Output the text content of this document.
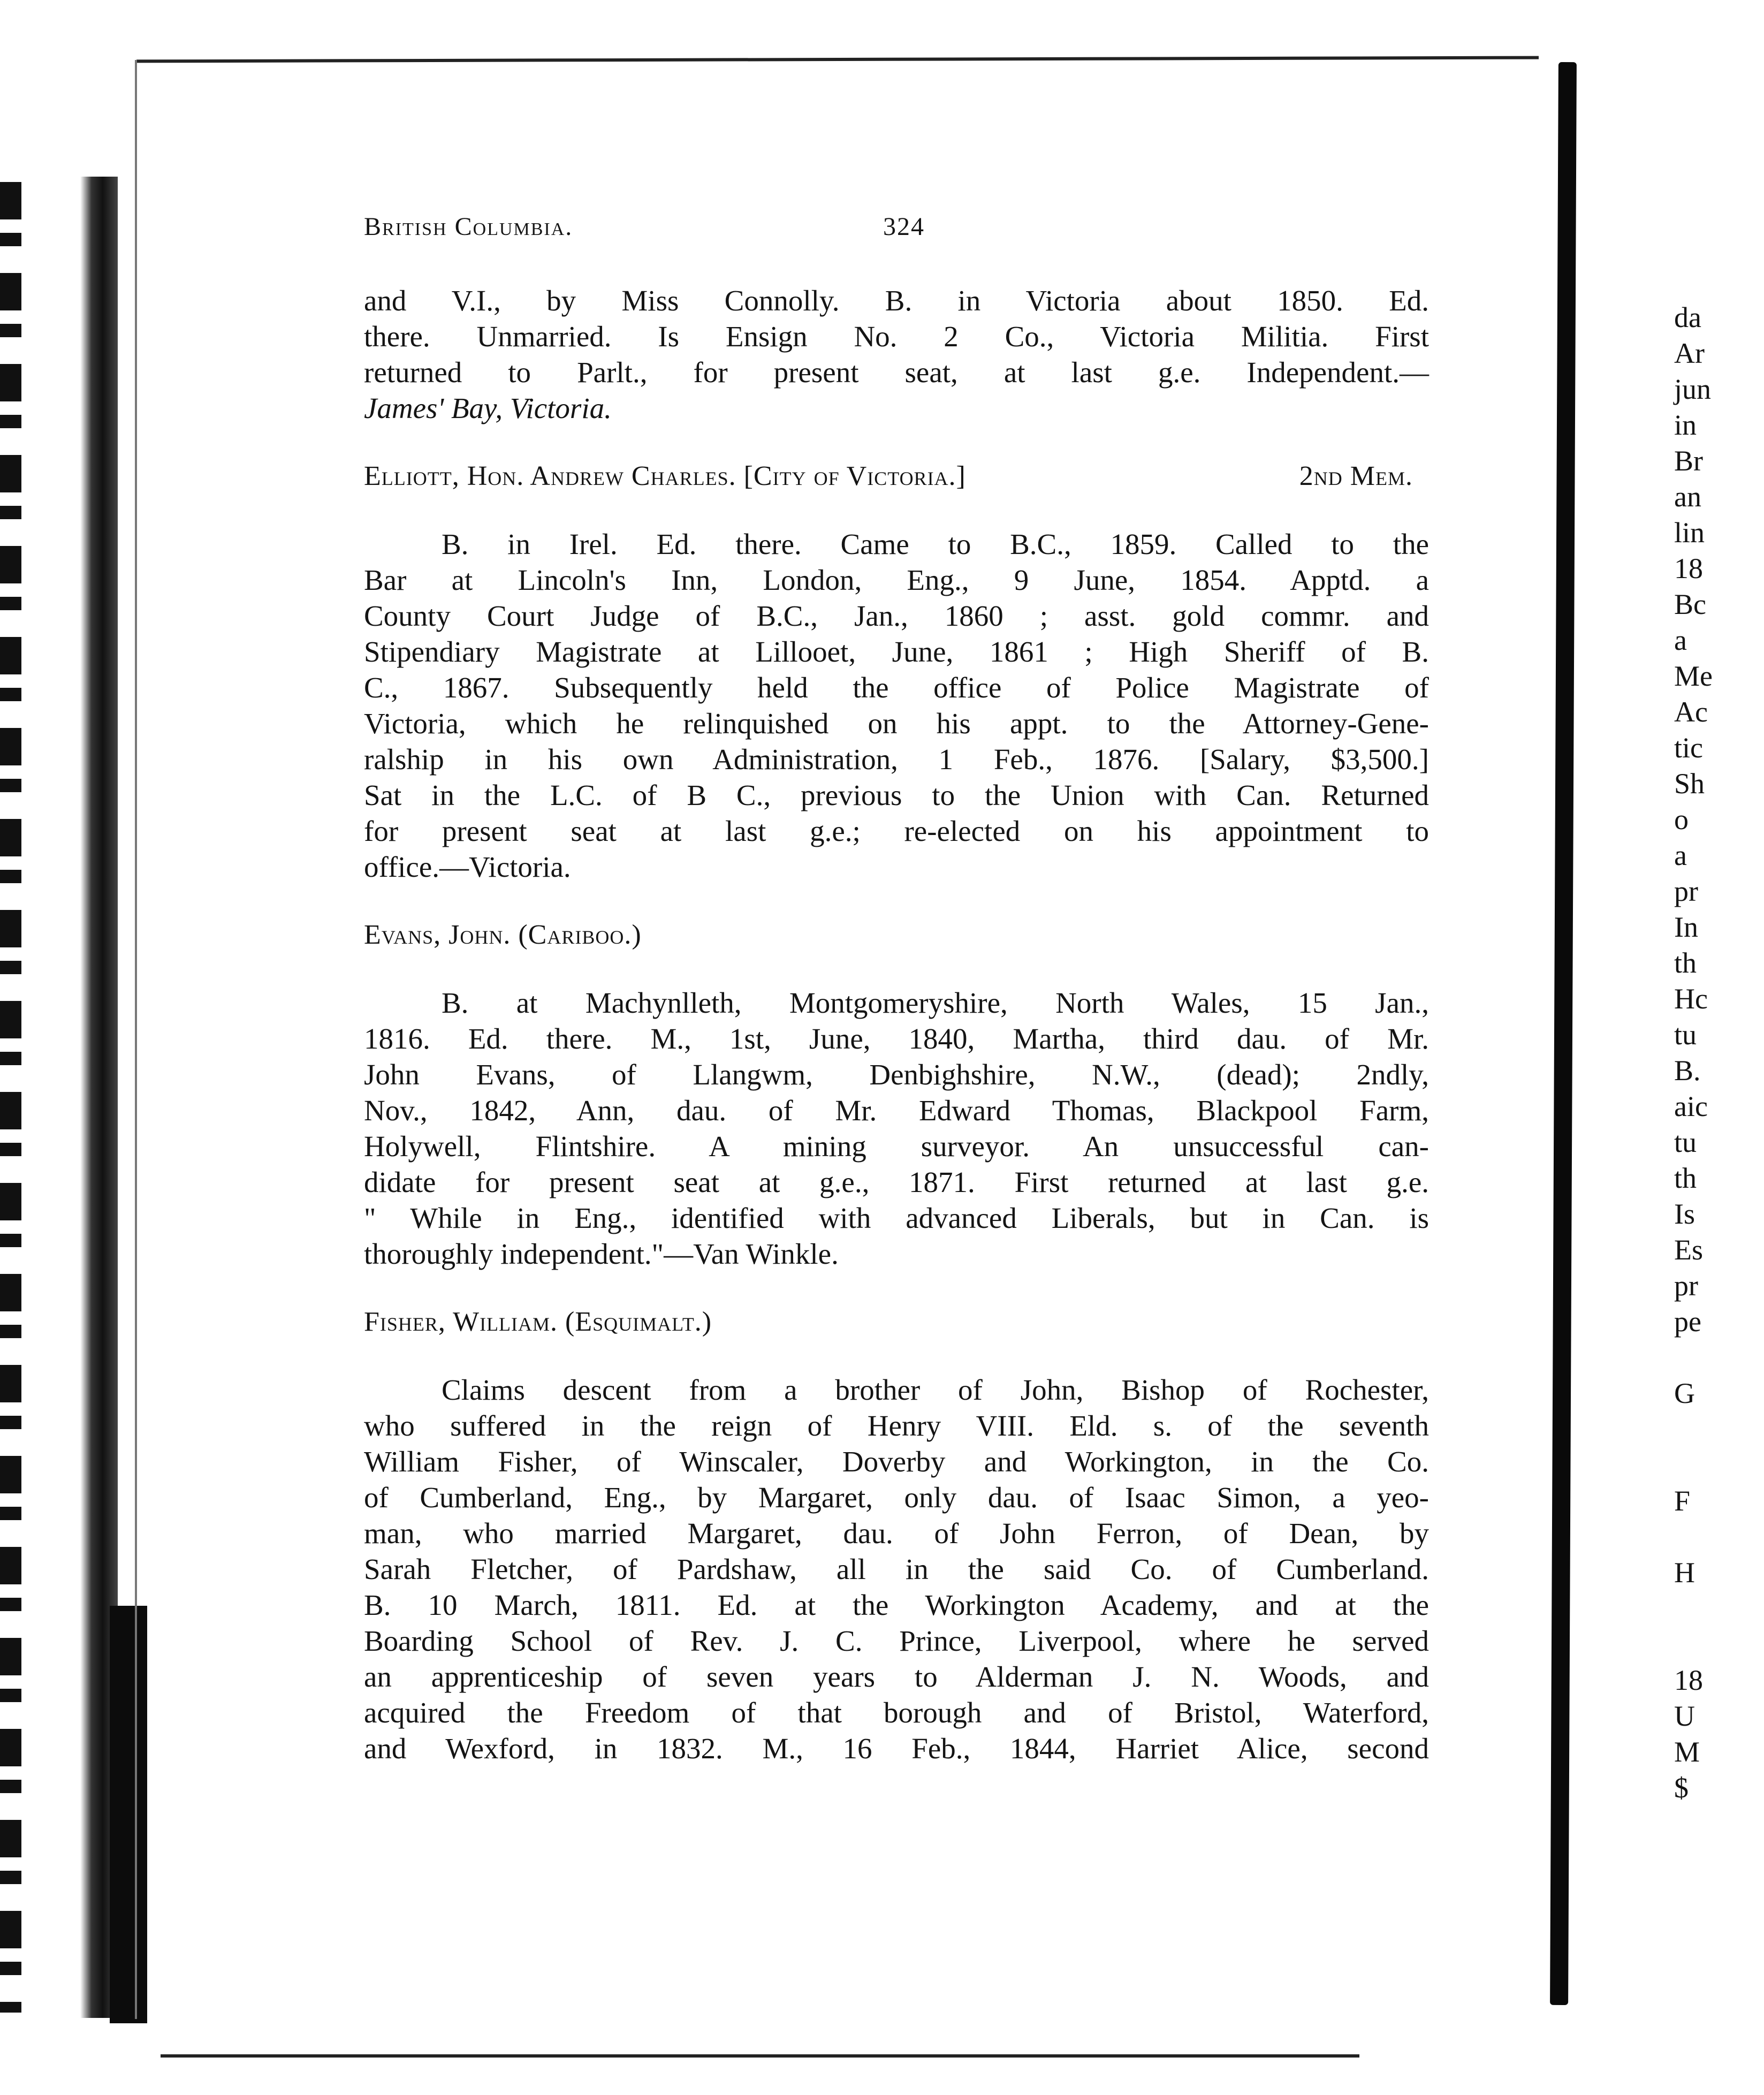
British Columbia.	324
and V.I., by Miss Connolly. B. in Victoria about 1850. Ed.
there. Unmarried. Is Ensign No. 2 Co., Victoria Militia. First
returned to Parlt., for present seat, at last g.e. Independent.—
James' Bay, Victoria.
Elliott, Hon. Andrew Charles. [City of Victoria.]	2nd Mem.
B. in Irel. Ed. there. Came to B.C., 1859. Called to the
Bar at Lincoln's Inn, London, Eng., 9 June, 1854. Apptd. a
County Court Judge of B.C., Jan., 1860 ; asst. gold commr. and
Stipendiary Magistrate at Lillooet, June, 1861 ; High Sheriff of B.
C., 1867. Subsequently held the office of Police Magistrate of
Victoria, which he relinquished on his appt. to the Attorney-Gene-
ralship in his own Administration, 1 Feb., 1876. [Salary, $3,500.]
Sat in the L.C. of B C., previous to the Union with Can. Returned
for present seat at last g.e.; re-elected on his appointment to
office.—Victoria.
Evans, John. (Cariboo.)
B. at Machynlleth, Montgomeryshire, North Wales, 15 Jan.,
1816. Ed. there. M., 1st, June, 1840, Martha, third dau. of Mr.
John Evans, of Llangwm, Denbighshire, N.W., (dead); 2ndly,
Nov., 1842, Ann, dau. of Mr. Edward Thomas, Blackpool Farm,
Holywell, Flintshire. A mining surveyor. An unsuccessful can-
didate for present seat at g.e., 1871. First returned at last g.e.
" While in Eng., identified with advanced Liberals, but in Can. is
thoroughly independent."—Van Winkle.
Fisher, William. (Esquimalt.)
Claims descent from a brother of John, Bishop of Rochester,
who suffered in the reign of Henry VIII. Eld. s. of the seventh
William Fisher, of Winscaler, Doverby and Workington, in the Co.
of Cumberland, Eng., by Margaret, only dau. of Isaac Simon, a yeo-
man, who married Margaret, dau. of John Ferron, of Dean, by
Sarah Fletcher, of Pardshaw, all in the said Co. of Cumberland.
B. 10 March, 1811. Ed. at the Workington Academy, and at the
Boarding School of Rev. J. C. Prince, Liverpool, where he served
an apprenticeship of seven years to Alderman J. N. Woods, and
acquired the Freedom of that borough and of Bristol, Waterford,
and Wexford, in 1832. M., 16 Feb., 1844, Harriet Alice, second
da
Ar
jun
in
Br
an
lin
18
Bc
a
Me
Ac
tic
Sh
o
a
pr
In
th
Hc
tu
B.
aic
tu
th
Is
Es
pr
pe
G
F
H
18
U
M
$
